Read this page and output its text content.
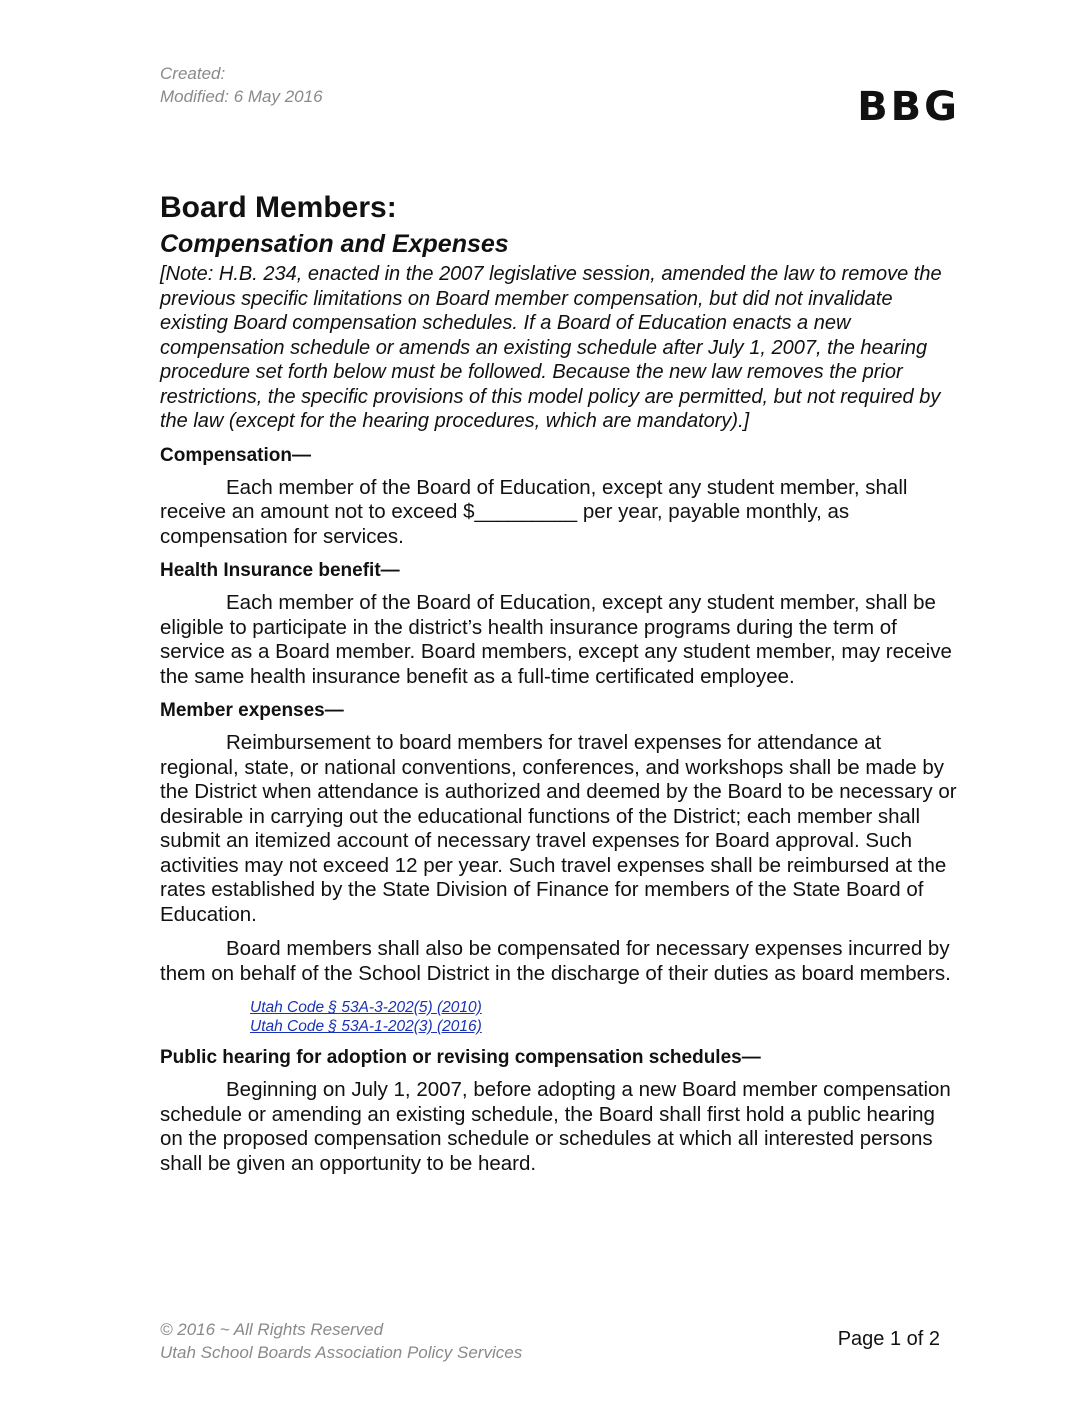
Created:
Modified: 6 May 2016	BBG
Board Members:
Compensation and Expenses

[Note: H.B. 234, enacted in the 2007 legislative session, amended the law to remove the previous specific limitations on Board member compensation, but did not invalidate existing Board compensation schedules. If a Board of Education enacts a new compensation schedule or amends an existing schedule after July 1, 2007, the hearing procedure set forth below must be followed. Because the new law removes the prior restrictions, the specific provisions of this model policy are permitted, but not required by the law (except for the hearing procedures, which are mandatory).]

Compensation—

Each member of the Board of Education, except any student member, shall receive an amount not to exceed $_________ per year, payable monthly, as compensation for services.

Health Insurance benefit—

Each member of the Board of Education, except any student member, shall be eligible to participate in the district’s health insurance programs during the term of service as a Board member. Board members, except any student member, may receive the same health insurance benefit as a full-time certificated employee.

Member expenses—

Reimbursement to board members for travel expenses for attendance at regional, state, or national conventions, conferences, and workshops shall be made by the District when attendance is authorized and deemed by the Board to be necessary or desirable in carrying out the educational functions of the District; each member shall submit an itemized account of necessary travel expenses for Board approval. Such activities may not exceed 12 per year. Such travel expenses shall be reimbursed at the rates established by the State Division of Finance for members of the State Board of Education.

Board members shall also be compensated for necessary expenses incurred by them on behalf of the School District in the discharge of their duties as board members.

Utah Code § 53A-3-202(5) (2010)
Utah Code § 53A-1-202(3) (2016)
Public hearing for adoption or revising compensation schedules—

Beginning on July 1, 2007, before adopting a new Board member compensation schedule or amending an existing schedule, the Board shall first hold a public hearing on the proposed compensation schedule or schedules at which all interested persons shall be given an opportunity to be heard.

© 2016 ~ All Rights Reserved
Utah School Boards Association Policy Services
Page 1 of 2
